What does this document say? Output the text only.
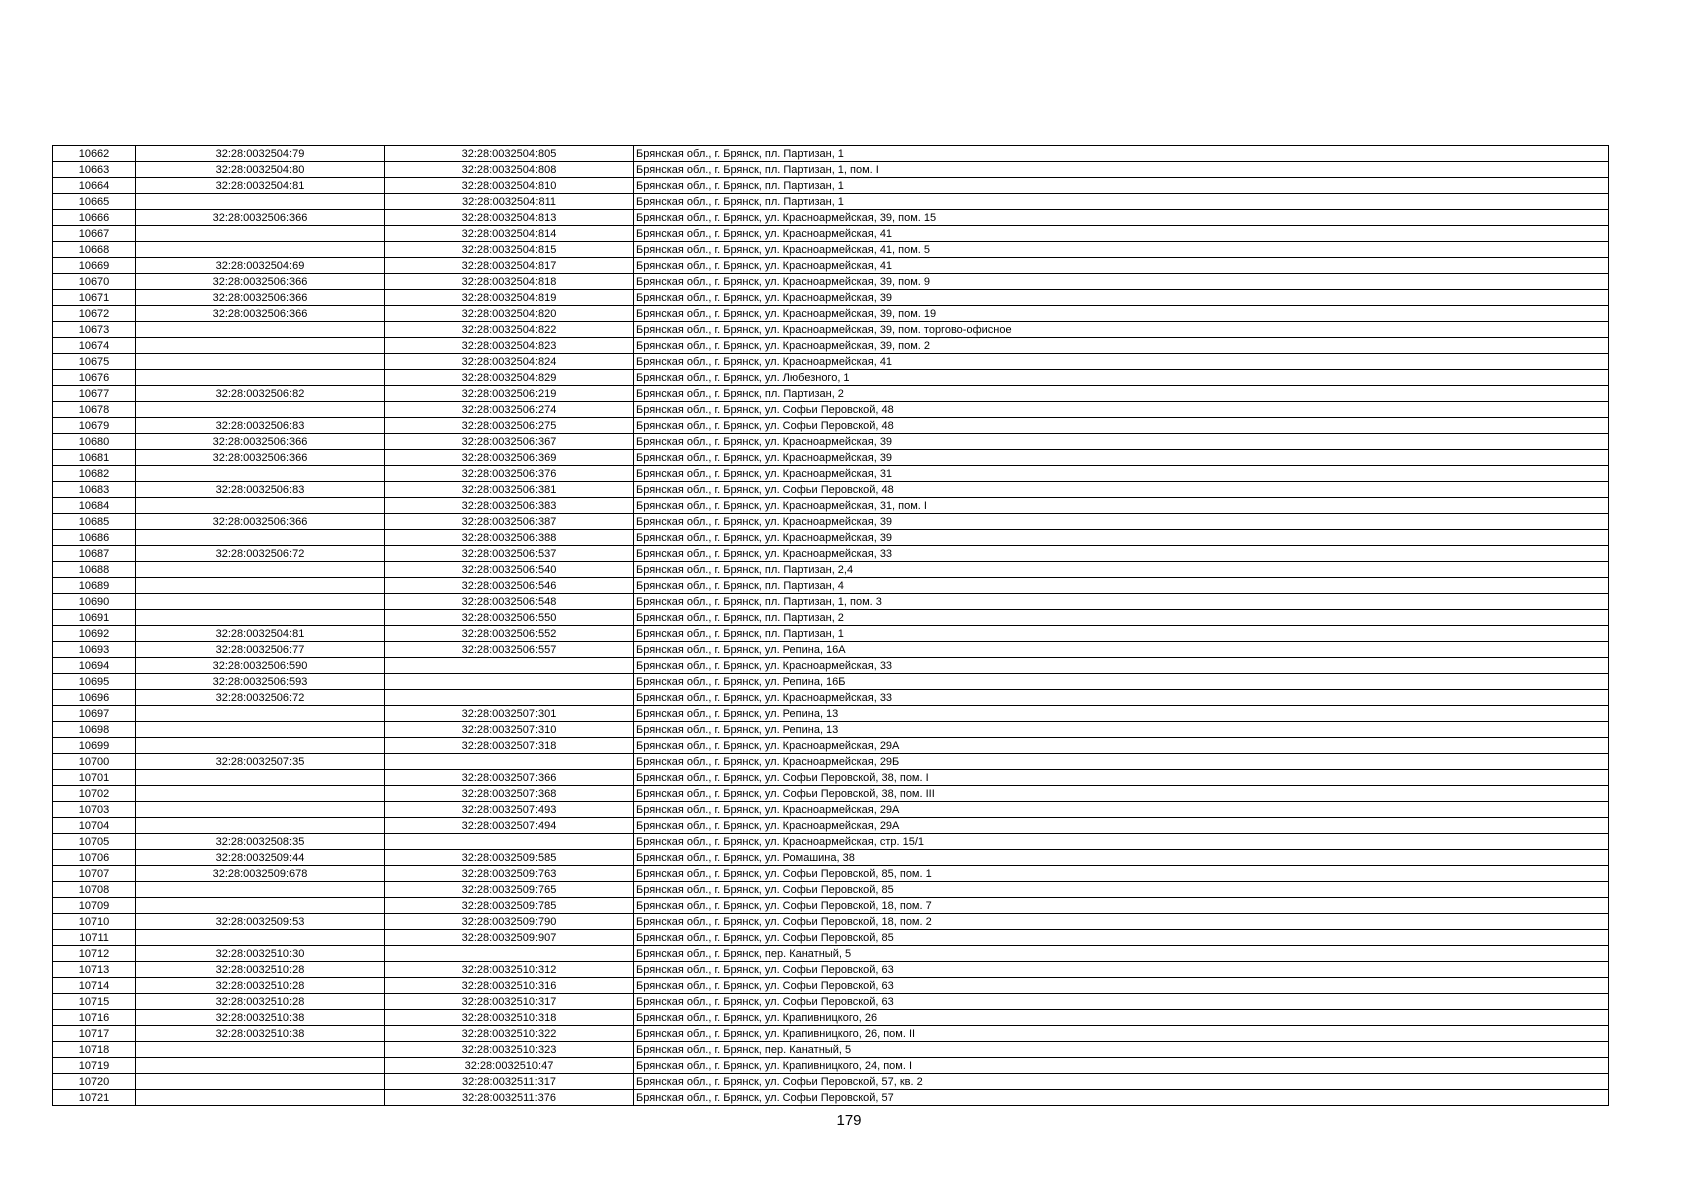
10662	32:28:0032504:79	32:28:0032504:805	Брянская обл., г. Брянск, пл. Партизан, 1
10663	32:28:0032504:80	32:28:0032504:808	Брянская обл., г. Брянск, пл. Партизан, 1, пом. I
10664	32:28:0032504:81	32:28:0032504:810	Брянская обл., г. Брянск, пл. Партизан, 1
10665		32:28:0032504:811	Брянская обл., г. Брянск, пл. Партизан, 1
10666	32:28:0032506:366	32:28:0032504:813	Брянская обл., г. Брянск, ул. Красноармейская, 39, пом. 15
10667		32:28:0032504:814	Брянская обл., г. Брянск, ул. Красноармейская, 41
10668		32:28:0032504:815	Брянская обл., г. Брянск, ул. Красноармейская, 41, пом. 5
10669	32:28:0032504:69	32:28:0032504:817	Брянская обл., г. Брянск, ул. Красноармейская, 41
10670	32:28:0032506:366	32:28:0032504:818	Брянская обл., г. Брянск, ул. Красноармейская, 39, пом. 9
10671	32:28:0032506:366	32:28:0032504:819	Брянская обл., г. Брянск, ул. Красноармейская, 39
10672	32:28:0032506:366	32:28:0032504:820	Брянская обл., г. Брянск, ул. Красноармейская, 39, пом. 19
10673		32:28:0032504:822	Брянская обл., г. Брянск, ул. Красноармейская, 39, пом. торгово-офисное
10674		32:28:0032504:823	Брянская обл., г. Брянск, ул. Красноармейская, 39, пом. 2
10675		32:28:0032504:824	Брянская обл., г. Брянск, ул. Красноармейская, 41
10676		32:28:0032504:829	Брянская обл., г. Брянск, ул. Любезного, 1
10677	32:28:0032506:82	32:28:0032506:219	Брянская обл., г. Брянск, пл. Партизан, 2
10678		32:28:0032506:274	Брянская обл., г. Брянск, ул. Софьи Перовской, 48
10679	32:28:0032506:83	32:28:0032506:275	Брянская обл., г. Брянск, ул. Софьи Перовской, 48
10680	32:28:0032506:366	32:28:0032506:367	Брянская обл., г. Брянск, ул. Красноармейская, 39
10681	32:28:0032506:366	32:28:0032506:369	Брянская обл., г. Брянск, ул. Красноармейская, 39
10682		32:28:0032506:376	Брянская обл., г. Брянск, ул. Красноармейская, 31
10683	32:28:0032506:83	32:28:0032506:381	Брянская обл., г. Брянск, ул. Софьи Перовской, 48
10684		32:28:0032506:383	Брянская обл., г. Брянск, ул. Красноармейская, 31, пом. I
10685	32:28:0032506:366	32:28:0032506:387	Брянская обл., г. Брянск, ул. Красноармейская, 39
10686		32:28:0032506:388	Брянская обл., г. Брянск, ул. Красноармейская, 39
10687	32:28:0032506:72	32:28:0032506:537	Брянская обл., г. Брянск, ул. Красноармейская, 33
10688		32:28:0032506:540	Брянская обл., г. Брянск, пл. Партизан, 2,4
10689		32:28:0032506:546	Брянская обл., г. Брянск, пл. Партизан, 4
10690		32:28:0032506:548	Брянская обл., г. Брянск, пл. Партизан, 1, пом. 3
10691		32:28:0032506:550	Брянская обл., г. Брянск, пл. Партизан, 2
10692	32:28:0032504:81	32:28:0032506:552	Брянская обл., г. Брянск, пл. Партизан, 1
10693	32:28:0032506:77	32:28:0032506:557	Брянская обл., г. Брянск, ул. Репина, 16А
10694	32:28:0032506:590		Брянская обл., г. Брянск, ул. Красноармейская, 33
10695	32:28:0032506:593		Брянская обл., г. Брянск, ул. Репина, 16Б
10696	32:28:0032506:72		Брянская обл., г. Брянск, ул. Красноармейская, 33
10697		32:28:0032507:301	Брянская обл., г. Брянск, ул. Репина, 13
10698		32:28:0032507:310	Брянская обл., г. Брянск, ул. Репина, 13
10699		32:28:0032507:318	Брянская обл., г. Брянск, ул. Красноармейская, 29А
10700	32:28:0032507:35		Брянская обл., г. Брянск, ул. Красноармейская, 29Б
10701		32:28:0032507:366	Брянская обл., г. Брянск, ул. Софьи Перовской, 38, пом. I
10702		32:28:0032507:368	Брянская обл., г. Брянск, ул. Софьи Перовской, 38, пом. III
10703		32:28:0032507:493	Брянская обл., г. Брянск, ул. Красноармейская, 29А
10704		32:28:0032507:494	Брянская обл., г. Брянск, ул. Красноармейская, 29А
10705	32:28:0032508:35		Брянская обл., г. Брянск, ул. Красноармейская, стр. 15/1
10706	32:28:0032509:44	32:28:0032509:585	Брянская обл., г. Брянск, ул. Ромашина, 38
10707	32:28:0032509:678	32:28:0032509:763	Брянская обл., г. Брянск, ул. Софьи Перовской, 85, пом. 1
10708		32:28:0032509:765	Брянская обл., г. Брянск, ул. Софьи Перовской, 85
10709		32:28:0032509:785	Брянская обл., г. Брянск, ул. Софьи Перовской, 18, пом. 7
10710	32:28:0032509:53	32:28:0032509:790	Брянская обл., г. Брянск, ул. Софьи Перовской, 18, пом. 2
10711		32:28:0032509:907	Брянская обл., г. Брянск, ул. Софьи Перовской, 85
10712	32:28:0032510:30		Брянская обл., г. Брянск, пер. Канатный, 5
10713	32:28:0032510:28	32:28:0032510:312	Брянская обл., г. Брянск, ул. Софьи Перовской, 63
10714	32:28:0032510:28	32:28:0032510:316	Брянская обл., г. Брянск, ул. Софьи Перовской, 63
10715	32:28:0032510:28	32:28:0032510:317	Брянская обл., г. Брянск, ул. Софьи Перовской, 63
10716	32:28:0032510:38	32:28:0032510:318	Брянская обл., г. Брянск, ул. Крапивницкого, 26
10717	32:28:0032510:38	32:28:0032510:322	Брянская обл., г. Брянск, ул. Крапивницкого, 26, пом. II
10718		32:28:0032510:323	Брянская обл., г. Брянск, пер. Канатный, 5
10719		32:28:0032510:47	Брянская обл., г. Брянск, ул. Крапивницкого, 24, пом. I
10720		32:28:0032511:317	Брянская обл., г. Брянск, ул. Софьи Перовской, 57, кв. 2
10721		32:28:0032511:376	Брянская обл., г. Брянск, ул. Софьи Перовской, 57
179
